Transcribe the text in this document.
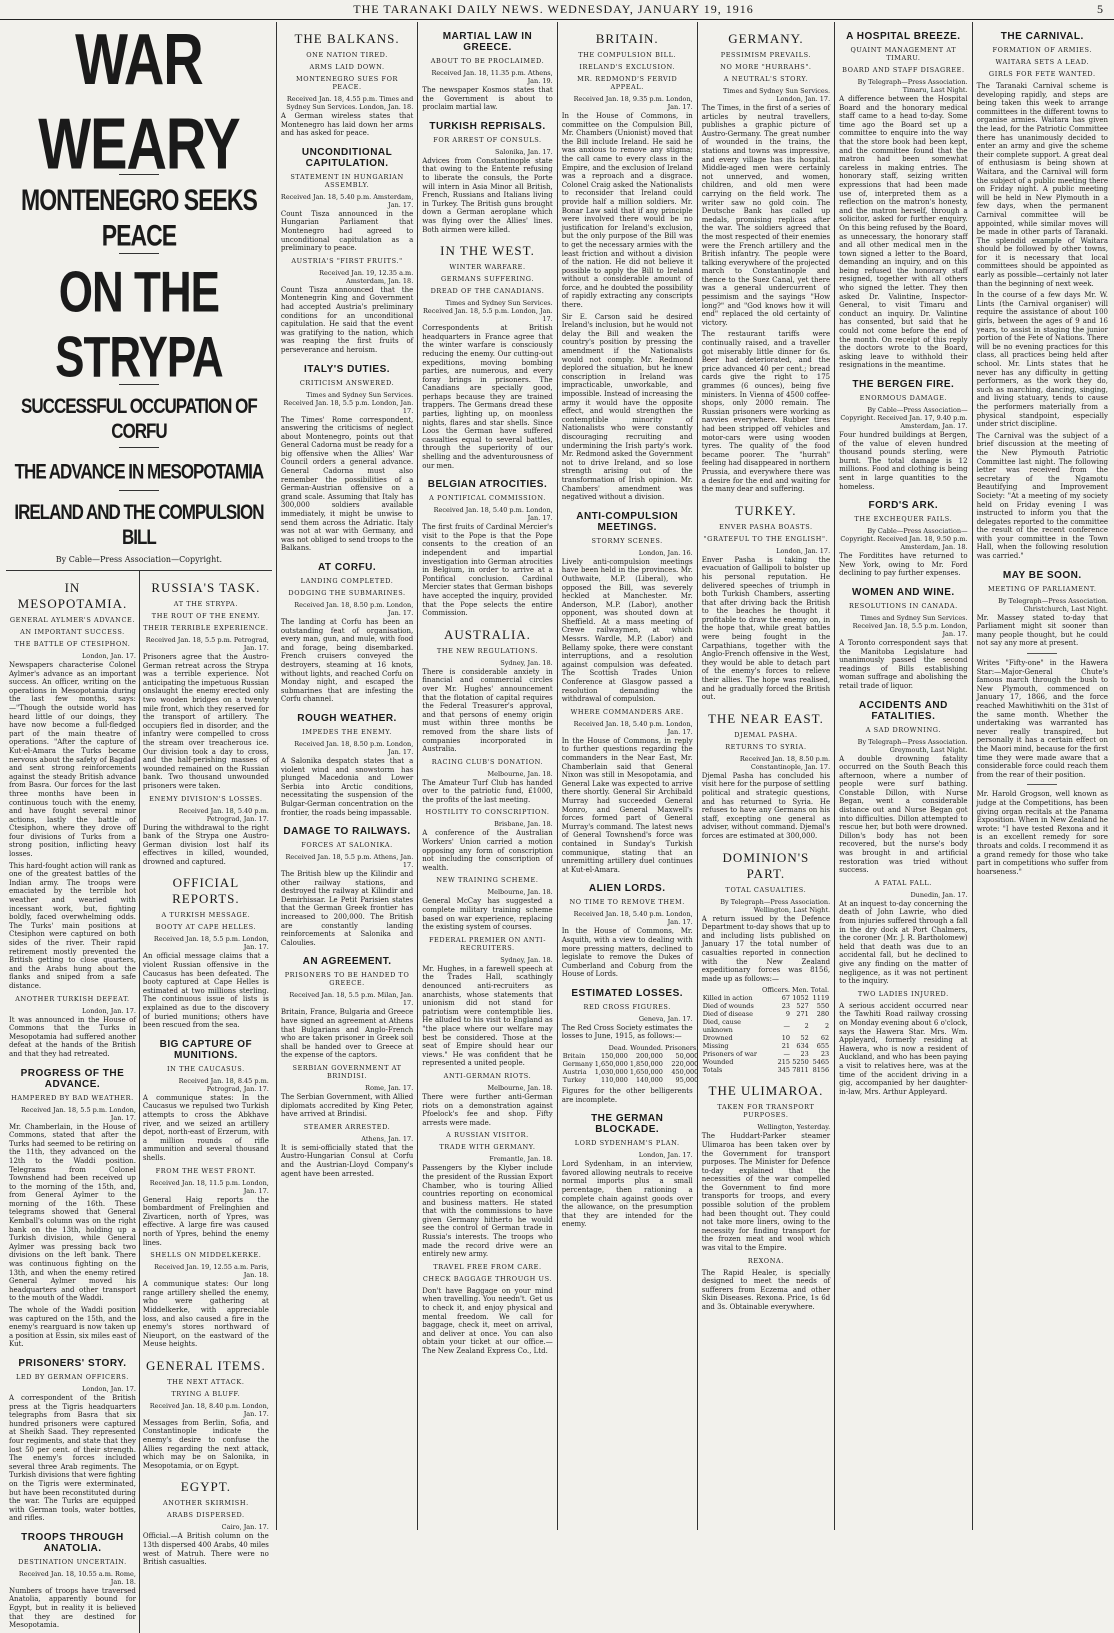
THE TARANAKI DAILY NEWS. WEDNESDAY, JANUARY 19, 1916	5
WAR WEARY
MONTENEGRO SEEKS PEACE
ON THE STRYPA
SUCCESSFUL OCCUPATION OF CORFU
THE ADVANCE IN MESOPOTAMIA
IRELAND AND THE COMPULSION BILL
By Cable—Press Association—Copyright.
IN MESOPOTAMIA.
GENERAL AYLMER'S ADVANCE.
AN IMPORTANT SUCCESS.
THE BATTLE OF CTESIPHON.
London, Jan. 17.

Newspapers characterise Colonel Aylmer's advance as an important success. An officer, writing on the operations in Mesopotamia during the last few months, says:—"Though the outside world has heard little of our doings, they have now become a full-fledged part of the main theatre of operations. "After the capture of Kut-el-Amara the Turks became nervous about the safety of Bagdad and sent strong reinforcements against the steady British advance from Basra. Our forces for the last three months have been in continuous touch with the enemy, and have fought several minor actions, lastly the battle of Ctesiphon, where they drove off four divisions of Turks from a strong position, inflicting heavy losses.

This hard-fought action will rank as one of the greatest battles of the Indian army. The troops were emaciated by the terrible hot weather and wearied with incessant work, but, fighting boldly, faced overwhelming odds. The Turks' main positions at Ctesiphon were captured on both sides of the river. Their rapid retirement mostly prevented the British getting to close quarters, and the Arabs hung about the flanks and sniped from a safe distance.

ANOTHER TURKISH DEFEAT.
London, Jan. 17.

It was announced in the House of Commons that the Turks in Mesopotamia had suffered another defeat at the hands of the British and that they had retreated.

PROGRESS OF THE ADVANCE.
HAMPERED BY BAD WEATHER.
Received Jan. 18, 5.5 p.m. London, Jan. 17.

Mr. Chamberlain, in the House of Commons, stated that after the Turks had seemed to be retiring on the 11th, they advanced on the 12th to the Waddi position. Telegrams from Colonel Townshend had been received up to the morning of the 15th, and, from General Aylmer to the morning of the 16th. These telegrams showed that General Kemball's column was on the right bank on the 13th, holding up a Turkish division, while General Aylmer was pressing back two divisions on the left bank. There was continuous fighting on the 13th, and when the enemy retired General Aylmer moved his headquarters and other transport to the mouth of the Waddi.

The whole of the Waddi position was captured on the 15th, and the enemy's rearguard is now taken up a position at Essin, six miles east of Kut.

PRISONERS' STORY.
LED BY GERMAN OFFICERS.
London, Jan. 17.

A correspondent of the British press at the Tigris headquarters telegraphs from Basra that six hundred prisoners were captured at Sheikh Saad. They represented four regiments, and state that they lost 50 per cent. of their strength. The enemy's forces included several three Arab regiments. The Turkish divisions that were fighting on the Tigris were exterminated, but have been reconstituted during the war. The Turks are equipped with German tools, water bottles, and rifles.

TROOPS THROUGH ANATOLIA.
DESTINATION UNCERTAIN.
Received Jan. 18, 10.55 a.m. Rome, Jan. 18.

Numbers of troops have traversed Anatolia, apparently bound for Egypt, but in reality it is believed that they are destined for Mesopotamia.

RUSSIA'S TASK.
AT THE STRYPA.
THE ROUT OF THE ENEMY.
THEIR TERRIBLE EXPERIENCE.
Received Jan. 18, 5.5 p.m. Petrograd, Jan. 17.

Prisoners agree that the Austro-German retreat across the Strypa was a terrible experience. Not anticipating the impetuous Russian onslaught the enemy erected only two wooden bridges on a twenty mile front, which they reserved for the transport of artillery. The occupiers fled in disorder, and the infantry were compelled to cross the stream over treacherous ice. Our division took a day to cross, and the half-perishing masses of wounded remained on the Russian bank. Two thousand unwounded prisoners were taken.

ENEMY DIVISION'S LOSSES.
Received Jan. 18, 5.40 p.m. Petrograd, Jan. 17.

During the withdrawal to the right bank of the Strypa one Austro-German division lost half its effectives in killed, wounded, drowned and captured.

OFFICIAL REPORTS.
A TURKISH MESSAGE.
BOOTY AT CAPE HELLES.
Received Jan. 18, 5.5 p.m. London, Jan. 17.

An official message claims that a violent Russian offensive in the Caucasus has been defeated. The booty captured at Cape Helles is estimated at two millions sterling. The continuous issue of lists is explained as due to the discovery of buried munitions; others have been rescued from the sea.

BIG CAPTURE OF MUNITIONS.
IN THE CAUCASUS.
Received Jan. 18, 8.45 p.m. Petrograd, Jan. 17.

A communique states: In the Caucasus we repulsed two Turkish attempts to cross the Abkhave river, and we seized an artillery depot, north-east of Erzerum, with a million rounds of rifle ammunition and several thousand shells.

FROM THE WEST FRONT.
Received Jan. 18, 11.5 p.m. London, Jan. 17.

General Haig reports the bombardment of Frelinghien and Zivarticen, north of Ypres, was effective. A large fire was caused north of Ypres, behind the enemy lines.

SHELLS ON MIDDELKERKE.
Received Jan. 19, 12.55 a.m. Paris, Jan. 18.

A communique states: Our long range artillery shelled the enemy, who were gathering at Middelkerke, with appreciable loss, and also caused a fire in the enemy's stores northward of Nieuport, on the eastward of the Meuse heights.

GENERAL ITEMS.
THE NEXT ATTACK.
TRYING A BLUFF.
Received Jan. 18, 8.40 p.m. London, Jan. 17.

Messages from Berlin, Sofia, and Constantinople indicate the enemy's desire to confuse the Allies regarding the next attack, which may be on Salonika, in Mesopotamia, or on Egypt.

EGYPT.
ANOTHER SKIRMISH.
ARABS DISPERSED.
Cairo, Jan. 17.

Official.—A British column on the 13th dispersed 400 Arabs, 40 miles west of Matruh. There were no British casualties.

THE BALKANS.
ONE NATION TIRED.
ARMS LAID DOWN.
MONTENEGRO SUES FOR PEACE.
Received Jan. 18, 4.55 p.m. Times and Sydney Sun Services. London, Jan. 18.

A German wireless states that Montenegro has laid down her arms and has asked for peace.

UNCONDITIONAL CAPITULATION.
STATEMENT IN HUNGARIAN ASSEMBLY.
Received Jan. 18, 5.40 p.m. Amsterdam, Jan. 17.

Count Tisza announced in the Hungarian Parliament that Montenegro had agreed to unconditional capitulation as a preliminary to peace.

AUSTRIA'S "FIRST FRUITS."
Received Jan. 19, 12.35 a.m. Amsterdam, Jan. 18.

Count Tisza announced that the Montenegrin King and Government had accepted Austria's preliminary conditions for an unconditional capitulation. He said that the event was gratifying to the nation, which was reaping the first fruits of perseverance and heroism.

ITALY'S DUTIES.
CRITICISM ANSWERED.
Times and Sydney Sun Services. Received Jan. 18, 5.5 p.m. London, Jan. 17.

The Times' Rome correspondent, answering the criticisms of neglect about Montenegro, points out that General Cadorna must be ready for a big offensive when the Allies' War Council orders a general advance. General Cadorna must also remember the possibilities of a German-Austrian offensive on a grand scale. Assuming that Italy has 300,000 soldiers available immediately, it might be unwise to send them across the Adriatic. Italy was not at war with Germany, and was not obliged to send troops to the Balkans.

AT CORFU.
LANDING COMPLETED.
DODGING THE SUBMARINES.
Received Jan. 18, 8.50 p.m. London, Jan. 17.

The landing at Corfu has been an outstanding feat of organisation, every man, gun, and mule, with food and forage, being disembarked. French cruisers conveyed the destroyers, steaming at 16 knots, without lights, and reached Corfu on Monday night, and escaped the submarines that are infesting the Corfu channel.

ROUGH WEATHER.
IMPEDES THE ENEMY.
Received Jan. 18, 8.50 p.m. London, Jan. 17.

A Salonika despatch states that a violent wind and snowstorm has plunged Macedonia and Lower Serbia into Arctic conditions, necessitating the suspension of the Bulgar-German concentration on the frontier, the roads being impassable.

DAMAGE TO RAILWAYS.
FORCES AT SALONIKA.
Received Jan. 18, 5.5 p.m. Athens, Jan. 17.

The British blew up the Kilindir and other railway stations, and destroyed the railway at Kilindir and Demirhissar. Le Petit Parisien states that the German Greek frontier has increased to 200,000. The British are constantly landing reinforcements at Salonika and Caloulies.

AN AGREEMENT.
PRISONERS TO BE HANDED TO GREECE.
Received Jan. 18, 5.5 p.m. Milan, Jan. 17.

Britain, France, Bulgaria and Greece have signed an agreement at Athens that Bulgarians and Anglo-French who are taken prisoner in Greek soil shall be handed over to Greece at the expense of the captors.

SERBIAN GOVERNMENT AT BRINDISI.
Rome, Jan. 17.

The Serbian Government, with Allied diplomats accredited by King Peter, have arrived at Brindisi.

STEAMER ARRESTED.
Athens, Jan. 17.

It is semi-officially stated that the Austro-Hungarian Consul at Corfu and the Austrian-Lloyd Company's agent have been arrested.

MARTIAL LAW IN GREECE.
ABOUT TO BE PROCLAIMED.
Received Jan. 18, 11.35 p.m. Athens, Jan. 19.

The newspaper Kosmos states that the Government is about to proclaim martial law.

TURKISH REPRISALS.
FOR ARREST OF CONSULS.
Salonika, Jan. 17.

Advices from Constantinople state that owing to the Entente refusing to liberate the consuls, the Porte will intern in Asia Minor all British, French, Russians and Italians living in Turkey. The British guns brought down a German aeroplane which was flying over the Allies' lines. Both airmen were killed.

IN THE WEST.
WINTER WARFARE.
GERMANS SUFFERING.
DREAD OF THE CANADIANS.
Times and Sydney Sun Services. Received Jan. 18, 5.5 p.m. London, Jan. 17.

Correspondents at British headquarters in France agree that the winter warfare is consciously reducing the enemy. Our cutting-out expeditions, moving bombing parties, are numerous, and every foray brings in prisoners. The Canadians are specially good, perhaps because they are trained trappers. The Germans dread these parties, lighting up, on moonless nights, flares and star shells. Since Loos the German have suffered casualties equal to several battles, through the superiority of our shelling and the adventurousness of our men.

BELGIAN ATROCITIES.
A PONTIFICAL COMMISSION.
Received Jan. 18, 5.40 p.m. London, Jan. 17.

The first fruits of Cardinal Mercier's visit to the Pope is that the Pope consents to the creation of an independent and impartial investigation into German atrocities in Belgium, in order to arrive at a Pontifical conclusion. Cardinal Mercier states that German bishops have accepted the inquiry, provided that the Pope selects the entire Commission.

AUSTRALIA.
THE NEW REGULATIONS.
Sydney, Jan. 18.

There is considerable anxiety in financial and commercial circles over Mr. Hughes' announcement that the flotation of capital requires the Federal Treasurer's approval, and that persons of enemy origin must within three months be removed from the share lists of companies incorporated in Australia.

RACING CLUB'S DONATION.
Melbourne, Jan. 18.

The Amateur Turf Club has handed over to the patriotic fund, £1000, the profits of the last meeting.

HOSTILITY TO CONSCRIPTION.
Brisbane, Jan. 18.

A conference of the Australian Workers' Union carried a motion opposing any form of conscription not including the conscription of wealth.

NEW TRAINING SCHEME.
Melbourne, Jan. 18.

General McCay has suggested a complete military training scheme based on war experience, replacing the existing system of courses.

FEDERAL PREMIER ON ANTI-RECRUITERS.
Sydney, Jan. 18.

Mr. Hughes, in a farewell speech at the Trades Hall, scathingly denounced anti-recruiters as anarchists, whose statements that unionism did not stand for patriotism were contemptible lies. He alluded to his visit to England as "the place where our welfare may best be considered. Those at the seat of Empire should hear our views." He was confident that he represented a united people.

ANTI-GERMAN RIOTS.
Melbourne, Jan. 18.

There were further anti-German riots on a demonstration against Pfoelock's fee and shop. Fifty arrests were made.

A RUSSIAN VISITOR.
TRADE WITH GERMANY.
Fremantle, Jan. 18.

Passengers by the Klyber include the president of the Russian Export Chamber, who is touring Allied countries reporting on economical and business matters. He stated that with the commissions to have given Germany hitherto he would see the control of German trade in Russia's interests. The troops who made the record drive were an entirely new army.

TRAVEL FREE FROM CARE.
CHECK BAGGAGE THROUGH US.

Don't have Baggage on your mind when travelling. You needn't. Get us to check it, and enjoy physical and mental freedom. We call for baggage, check it, meet on arrival, and deliver at once. You can also obtain your ticket at our office.—The New Zealand Express Co., Ltd.

BRITAIN.
THE COMPULSION BILL.
IRELAND'S EXCLUSION.
MR. REDMOND'S FERVID APPEAL.
Received Jan. 18, 9.35 p.m. London, Jan. 17.

In the House of Commons, in committee on the Compulsion Bill, Mr. Chambers (Unionist) moved that the Bill include Ireland. He said he was anxious to remove any stigma; the call came to every class in the Empire, and the exclusion of Ireland was a reproach and a disgrace. Colonel Craig asked the Nationalists to reconsider that Ireland could provide half a million soldiers. Mr. Bonar Law said that if any principle were involved there would be no justification for Ireland's exclusion, but the only purpose of the Bill was to get the necessary armies with the least friction and without a division of the nation. He did not believe it possible to apply the Bill to Ireland without a considerable amount of force, and he doubted the possibility of rapidly extracting any conscripts there.

Sir E. Carson said he desired Ireland's inclusion, but he would not delay the Bill and weaken the country's position by pressing the amendment if the Nationalists would not comply. Mr. Redmond deplored the situation, but he knew conscription in Ireland was impracticable, unworkable, and impossible. Instead of increasing the army it would have the opposite effect, and would strengthen the contemptible minority of Nationalists who were constantly discouraging recruiting and undermining the Irish party's work. Mr. Redmond asked the Government not to drive Ireland, and so lose strength arising out of the transformation of Irish opinion. Mr. Chambers' amendment was negatived without a division.

ANTI-COMPULSION MEETINGS.
STORMY SCENES.
London, Jan. 16.

Lively anti-compulsion meetings have been held in the provinces. Mr. Outhwaite, M.P. (Liberal), who opposed the Bill, was severely heckled at Manchester. Mr. Anderson, M.P. (Labor), another opponent, was shouted down at Sheffield. At a mass meeting of Crewe railwaymen, at which Messrs. Wardle, M.P. (Labor) and Bellamy spoke, there were constant interruptions, and a resolution against compulsion was defeated. The Scottish Trades Union Conference at Glasgow passed a resolution demanding the withdrawal of compulsion.

WHERE COMMANDERS ARE.
Received Jan. 18, 5.40 p.m. London, Jan. 17.

In the House of Commons, in reply to further questions regarding the commanders in the Near East, Mr. Chamberlain said that General Nixon was still in Mesopotamia, and General Lake was expected to arrive there shortly. General Sir Archibald Murray had succeeded General Monro, and General Maxwell's forces formed part of General Murray's command. The latest news of General Townshend's force was contained in Sunday's Turkish communique, stating that an unremitting artillery duel continues at Kut-el-Amara.

ALIEN LORDS.
NO TIME TO REMOVE THEM.
Received Jan. 18, 5.40 p.m. London, Jan. 17.

In the House of Commons, Mr. Asquith, with a view to dealing with more pressing matters, declined to legislate to remove the Dukes of Cumberland and Coburg from the House of Lords.

ESTIMATED LOSSES.
RED CROSS FIGURES.
Geneva, Jan. 17.

The Red Cross Society estimates the losses to June, 1915, as follows:—

	Dead.	Wounded.	Prisoners.
Britain	150,000	200,000	50,000
Germany	1,650,000	1,850,000	220,000
Austria	1,030,000	1,650,000	450,000
Turkey	110,000	140,000	95,000

Figures for the other belligerents are incomplete.

THE GERMAN BLOCKADE.
LORD SYDENHAM'S PLAN.
London, Jan. 17.

Lord Sydenham, in an interview, favored allowing neutrals to receive normal imports plus a small percentage, then rationing a complete chain against goods over the allowance, on the presumption that they are intended for the enemy.

GERMANY.
PESSIMISM PREVAILS.
NO MORE "HURRAHS".
A NEUTRAL'S STORY.
Times and Sydney Sun Services. London, Jan. 17.

The Times, in the first of a series of articles by neutral travellers, publishes a graphic picture of Austro-Germany. The great number of wounded in the trains, the stations and towns was impressive, and every village has its hospital. Middle-aged men were certainly not unnerved, and women, children, and old men were carrying on the field work. The writer saw no gold coin. The Deutsche Bank has called up medals, promising replicas after the war. The soldiers agreed that the most respected of their enemies were the French artillery and the British infantry. The people were talking everywhere of the projected march to Constantinople and thence to the Suez Canal, yet there was a general undercurrent of pessimism and the sayings "How long?" and "God knows how it will end" replaced the old certainty of victory.

The restaurant tariffs were continually raised, and a traveller got miserably little dinner for 6s. Beer had deteriorated, and the price advanced 40 per cent.; bread cards give the right to 175 grammes (6 ounces), being five ministers. In Vienna of 4500 coffee-shops, only 2000 remain. The Russian prisoners were working as navvies everywhere. Rubber tires had been stripped off vehicles and motor-cars were using wooden tyres. The quality of the food became poorer. The "hurrah" feeling had disappeared in northern Prussia, and everywhere there was a desire for the end and waiting for the many dear and suffering.

TURKEY.
ENVER PASHA BOASTS.
"GRATEFUL TO THE ENGLISH".
London, Jan. 17.

Enver Pasha is taking the evacuation of Gallipoli to bolster up his personal reputation. He delivered speeches of triumph in both Turkish Chambers, asserting that after driving back the British to the beaches he thought it profitable to draw the enemy on, in the hope that, while great battles were being fought in the Carpathians, together with the Anglo-French offensive in the West, they would be able to detach part of the enemy's forces to relieve their allies. The hope was realised, and he gradually forced the British out.

THE NEAR EAST.
DJEMAL PASHA.
RETURNS TO SYRIA.
Received Jan. 18, 8.50 p.m. Constantinople, Jan. 17.

Djemal Pasha has concluded his visit here for the purpose of settling political and strategic questions, and has returned to Syria. He refuses to have any Germans on his staff, excepting one general as adviser, without command. Djemal's forces are estimated at 300,000.

DOMINION'S PART.
TOTAL CASUALTIES.
By Telegraph—Press Association. Wellington, Last Night.

A return issued by the Defence Department to-day shows that up to and including lists published on January 17 the total number of casualties reported in connection with the New Zealand expeditionary forces was 8156, made up as follows:—

	Officers.	Men.	Total.
Killed in action	67	1052	1119
Died of wounds	23	527	550
Died of disease	9	271	280
Died, cause unknown	—	2	2
Drowned	10	52	62
Missing	21	634	655
Prisoners of war	—	23	23
Wounded	215	5250	5465
Totals	345	7811	8156
THE ULIMAROA.
TAKEN FOR TRANSPORT PURPOSES.
Wellington, Yesterday.

The Huddart-Parker steamer Ulimaroa has been taken over by the Government for transport purposes. The Minister for Defence to-day explained that the necessities of the war compelled the Government to find more transports for troops, and every possible solution of the problem had been thought out. They could not take more liners, owing to the necessity for finding transport for the frozen meat and wool which was vital to the Empire.

REXONA.

The Rapid Healer, is specially designed to meet the needs of sufferers from Eczema and other Skin Diseases. Rexona. Price, 1s 6d and 3s. Obtainable everywhere.

A HOSPITAL BREEZE.
QUAINT MANAGEMENT AT TIMARU.
BOARD AND STAFF DISAGREE.
By Telegraph—Press Association. Timaru, Last Night.

A difference between the Hospital Board and the honorary medical staff came to a head to-day. Some time ago the Board set up a committee to enquire into the way that the store book had been kept, and the committee found that the matron had been somewhat careless in making entries. The honorary staff, seizing written expressions that had been made use of, interpreted them as a reflection on the matron's honesty, and the matron herself, through a solicitor, asked for further enquiry. On this being refused by the Board, as unnecessary, the honorary staff and all other medical men in the town signed a letter to the Board, demanding an inquiry, and on this being refused the honorary staff resigned, together with all others who signed the letter. They then asked Dr. Valintine, Inspector-General, to visit Timaru and conduct an inquiry. Dr. Valintine has consented, but said that he could not come before the end of the month. On receipt of this reply the doctors wrote to the Board, asking leave to withhold their resignations in the meantime.

THE BERGEN FIRE.
ENORMOUS DAMAGE.
By Cable—Press Association—Copyright. Received Jan. 17, 9.40 p.m. Amsterdam, Jan. 17.

Four hundred buildings at Bergen, of the value of eleven hundred thousand pounds sterling, were burnt. The total damage is 12 millions. Food and clothing is being sent in large quantities to the homeless.

FORD'S ARK.
THE EXCHEQUER FAILS.
By Cable—Press Association—Copyright. Received Jan. 18, 9.50 p.m. Amsterdam, Jan. 18.

The Forditites have returned to New York, owing to Mr. Ford declining to pay further expenses.

WOMEN AND WINE.
RESOLUTIONS IN CANADA.
Times and Sydney Sun Services. Received Jan. 18, 5.5 p.m. London, Jan. 17.

A Toronto correspondent says that the Manitoba Legislature had unanimously passed the second readings of Bills establishing woman suffrage and abolishing the retail trade of liquor.

ACCIDENTS AND FATALITIES.
A SAD DROWNING.
By Telegraph—Press Association. Greymouth, Last Night.

A double drowning fatality occurred on the South Beach this afternoon, where a number of people were surf bathing. Constable Dillon, with Nurse Began, went a considerable distance out and Nurse Began got into difficulties. Dillon attempted to rescue her, but both were drowned. Dillon's body has not been recovered, but the nurse's body was brought in and artificial restoration was tried without success.

A FATAL FALL.
Dunedin, Jan. 17.

At an inquest to-day concerning the death of John Lawrie, who died from injuries suffered through a fall in the dry dock at Port Chalmers, the coroner (Mr. J. R. Bartholomew) held that death was due to an accidental fall, but he declined to give any finding on the matter of negligence, as it was not pertinent to the inquiry.

TWO LADIES INJURED.

A serious accident occurred near the Tawhiti Road railway crossing on Monday evening about 6 o'clock, says the Hawera Star. Mrs. Wm. Appleyard, formerly residing at Hawera, who is now a resident of Auckland, and who has been paying a visit to relatives here, was at the time of the accident driving in a gig, accompanied by her daughter-in-law, Mrs. Arthur Appleyard.

THE CARNIVAL.
FORMATION OF ARMIES.
WAITARA SETS A LEAD.
GIRLS FOR FETE WANTED.

The Taranaki Carnival scheme is developing rapidly, and steps are being taken this week to arrange committees in the different towns to organise armies. Waitara has given the lead, for the Patriotic Committee there has unanimously decided to enter an army and give the scheme their complete support. A great deal of enthusiasm is being shown at Waitara, and the Carnival will form the subject of a public meeting there on Friday night. A public meeting will be held in New Plymouth in a few days, when the permanent Carnival committee will be appointed, while similar moves will be made in other parts of Taranaki. The splendid example of Waitara should be followed by other towns, for it is necessary that local committees should be appointed as early as possible—certainly not later than the beginning of next week.

In the course of a few days Mr. W. Lints (the Carnival organiser) will require the assistance of about 100 girls, between the ages of 9 and 16 years, to assist in staging the junior portion of the Fete of Nations. There will be no evening practices for this class, all practices being held after school. Mr. Lints states that he never has any difficulty in getting performers, as the work they do, such as marching, dancing, singing, and living statuary, tends to cause the performers materially from a physical standpoint, especially under strict discipline.

The Carnival was the subject of a brief discussion at the meeting of the New Plymouth Patriotic Committee last night. The following letter was received from the secretary of the Ngamotu Beautifying and Improvement Society: "At a meeting of my society held on Friday evening I was instructed to inform you that the delegates reported to the committee the result of the recent conference with your committee in the Town Hall, when the following resolution was carried."

MAY BE SOON.
MEETING OF PARLIAMENT.
By Telegraph—Press Association. Christchurch, Last Night.

Mr. Massey stated to-day that Parliament might sit sooner than many people thought, but he could not say any more at present.

Writes "Fifty-one" in the Hawera Star:—Major-General Chute's famous march through the bush to New Plymouth, commenced on January 17, 1866, and the force reached Mawhitiwhiti on the 31st of the same month. Whether the undertaking was warranted has never really transpired, but personally it has a certain effect on the Maori mind, because for the first time they were made aware that a considerable force could reach them from the rear of their position.

Mr. Harold Grogson, well known as judge at the Competitions, has been giving organ recitals at the Panama Exposition. When in New Zealand he wrote: "I have tested Rexona and it is an excellent remedy for sore throats and colds. I recommend it as a grand remedy for those who take part in competitions who suffer from hoarseness."
